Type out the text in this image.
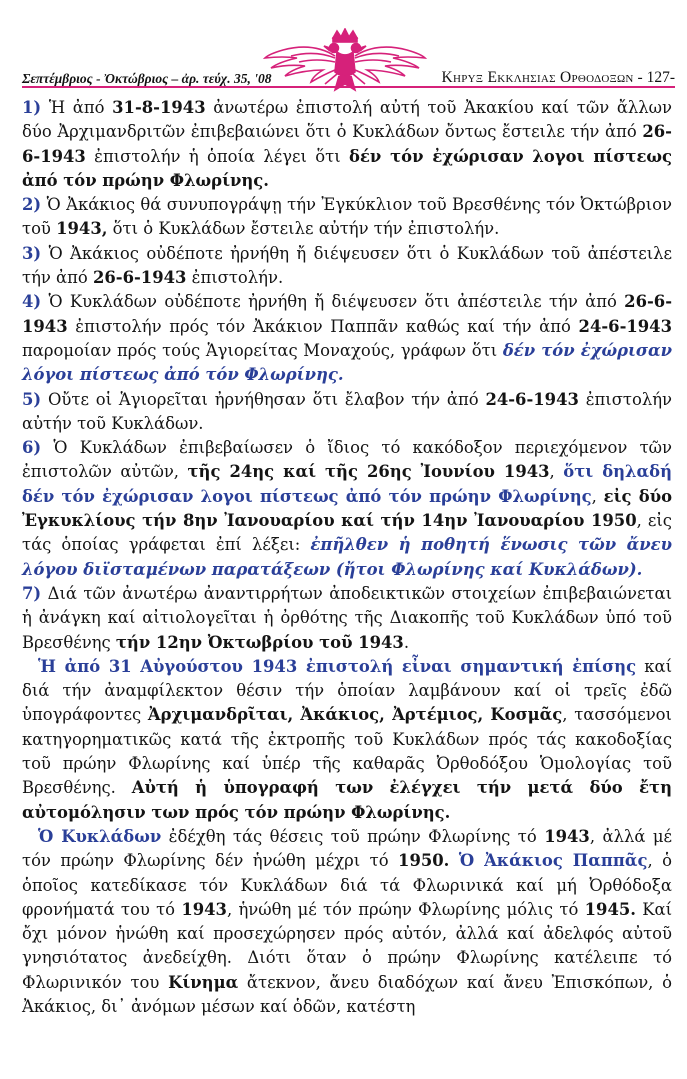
Σεπτέμβριος - Ὀκτώβριος – ἀρ. τεύχ. 35, '08	Κηρυξ Εκκλησιας Ορθοδοξων - 127-

1) Ἡ ἀπό 31-8-1943 ἀνωτέρω ἐπιστολή αὐτή τοῦ Ἀκακίου καί τῶν ἄλλων δύο Ἀρχιμανδριτῶν ἐπιβεβαιώνει ὅτι ὁ Κυκλάδων ὄντως ἔστειλε τήν ἀπό 26-6-1943 ἐπιστολήν ἡ ὁποία λέγει ὅτι δέν τόν ἐχώρισαν λογοι πίστεως ἀπό τόν πρώην Φλωρίνης.

2) Ὁ Ἀκάκιος θά συνυπογράψῃ τήν Ἐγκύκλιον τοῦ Βρεσθένης τόν Ὀκτώβριον τοῦ 1943, ὅτι ὁ Κυκλάδων ἔστειλε αὐτήν τήν ἐπιστολήν.

3) Ὁ Ἀκάκιος οὐδέποτε ἠρνήθη ἤ διέψευσεν ὅτι ὁ Κυκλάδων τοῦ ἀπέστειλε τήν ἀπό 26-6-1943 ἐπιστολήν.

4) Ὁ Κυκλάδων οὐδέποτε ἠρνήθη ἤ διέψευσεν ὅτι ἀπέστειλε τήν ἀπό 26-6-1943 ἐπιστολήν πρός τόν Ἀκάκιον Παππᾶν καθώς καί τήν ἀπό 24-6-1943 παρομοίαν πρός τούς Ἁγιορείτας Μοναχούς, γράφων ὅτι δέν τόν ἐχώρισαν λόγοι πίστεως ἀπό τόν Φλωρίνης.

5) Οὔτε οἱ Ἁγιορεῖται ἠρνήθησαν ὅτι ἔλαβον τήν ἀπό 24-6-1943 ἐπιστολήν αὐτήν τοῦ Κυκλάδων.

6) Ὁ Κυκλάδων ἐπιβεβαίωσεν ὁ ἴδιος τό κακόδοξον περιεχόμενον τῶν ἐπιστολῶν αὐτῶν, τῆς 24ης καί τῆς 26ης Ἰουνίου 1943, ὅτι δηλαδή δέν τόν ἐχώρισαν λογοι πίστεως ἀπό τόν πρώην Φλωρίνης, εἰς δύο Ἐγκυκλίους τήν 8ην Ἰανουαρίου καί τήν 14ην Ἰανουαρίου 1950, εἰς τάς ὁποίας γράφεται ἐπί λέξει: ἐπῆλθεν ἡ ποθητή ἕνωσις τῶν ἄνευ λόγου διϊσταμένων παρατάξεων (ἤτοι Φλωρίνης καί Κυκλάδων).

7) Διά τῶν ἀνωτέρω ἀναντιρρήτων ἀποδεικτικῶν στοιχείων ἐπιβεβαιώνεται ἡ ἀνάγκη καί αἰτιολογεῖται ἡ ὀρθότης τῆς Διακοπῆς τοῦ Κυκλάδων ὑπό τοῦ Βρεσθένης τήν 12ην Ὀκτωβρίου τοῦ 1943.

Ἡ ἀπό 31 Αὐγούστου 1943 ἐπιστολή εἶναι σημαντική ἐπίσης καί διά τήν ἀναμφίλεκτον θέσιν τήν ὁποίαν λαμβάνουν καί οἱ τρεῖς ἐδῶ ὑπογράφοντες Ἀρχιμανδρῖται, Ἀκάκιος, Ἀρτέμιος, Κοσμᾶς, τασσόμενοι κατηγορηματικῶς κατά τῆς ἐκτροπῆς τοῦ Κυκλάδων πρός τάς κακοδοξίας τοῦ πρώην Φλωρίνης καί ὑπέρ τῆς καθαρᾶς Ὀρθοδόξου Ὁμολογίας τοῦ Βρεσθένης. Αὐτή ἡ ὑπογραφή των ἐλέγχει τήν μετά δύο ἔτη αὐτομόλησιν των πρός τόν πρώην Φλωρίνης.

Ὁ Κυκλάδων ἐδέχθη τάς θέσεις τοῦ πρώην Φλωρίνης τό 1943, ἀλλά μέ τόν πρώην Φλωρίνης δέν ἡνώθη μέχρι τό 1950. Ὁ Ἀκάκιος Παππᾶς, ὁ ὁποῖος κατεδίκασε τόν Κυκλάδων διά τά Φλωρινικά καί μή Ὀρθόδοξα φρονήματά του τό 1943, ἡνώθη μέ τόν πρώην Φλωρίνης μόλις τό 1945. Καί ὄχι μόνον ἡνώθη καί προσεχώρησεν πρός αὐτόν, ἀλλά καί ἀδελφός αὐτοῦ γνησιότατος ἀνεδείχθη. Διότι ὅταν ὁ πρώην Φλωρίνης κατέλειπε τό Φλωρινικόν του Κίνημα ἄτεκνον, ἄνευ διαδόχων καί ἄνευ Ἐπισκόπων, ὁ Ἀκάκιος, δι᾽ ἀνόμων μέσων καί ὁδῶν, κατέστη
